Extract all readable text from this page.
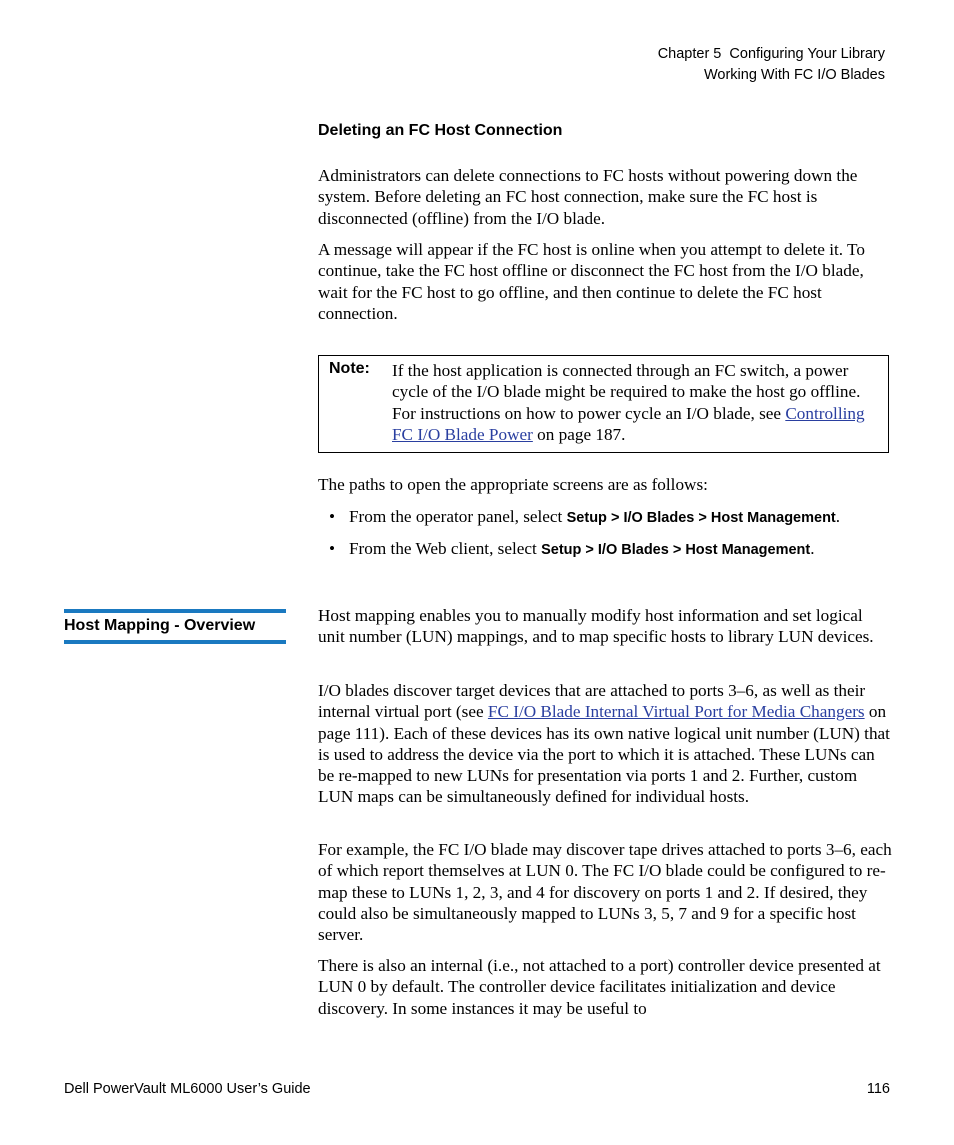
Chapter 5  Configuring Your Library
Working With FC I/O Blades
Deleting an FC Host Connection

Administrators can delete connections to FC hosts without powering down the system. Before deleting an FC host connection, make sure the FC host is disconnected (offline) from the I/O blade.

A message will appear if the FC host is online when you attempt to delete it. To continue, take the FC host offline or disconnect the FC host from the I/O blade, wait for the FC host to go offline, and then continue to delete the FC host connection.

Note: If the host application is connected through an FC switch, a power cycle of the I/O blade might be required to make the host go offline. For instructions on how to power cycle an I/O blade, see Controlling FC I/O Blade Power on page 187.

The paths to open the appropriate screens are as follows:

• From the operator panel, select Setup > I/O Blades > Host Management.
• From the Web client, select Setup > I/O Blades > Host Management.
Host Mapping - Overview

Host mapping enables you to manually modify host information and set logical unit number (LUN) mappings, and to map specific hosts to library LUN devices.

I/O blades discover target devices that are attached to ports 3–6, as well as their internal virtual port (see FC I/O Blade Internal Virtual Port for Media Changers on page 111). Each of these devices has its own native logical unit number (LUN) that is used to address the device via the port to which it is attached. These LUNs can be re-mapped to new LUNs for presentation via ports 1 and 2. Further, custom LUN maps can be simultaneously defined for individual hosts.

For example, the FC I/O blade may discover tape drives attached to ports 3–6, each of which report themselves at LUN 0. The FC I/O blade could be configured to re-map these to LUNs 1, 2, 3, and 4 for discovery on ports 1 and 2. If desired, they could also be simultaneously mapped to LUNs 3, 5, 7 and 9 for a specific host server.

There is also an internal (i.e., not attached to a port) controller device presented at LUN 0 by default. The controller device facilitates initialization and device discovery. In some instances it may be useful to

Dell PowerVault ML6000 User’s Guide	116
